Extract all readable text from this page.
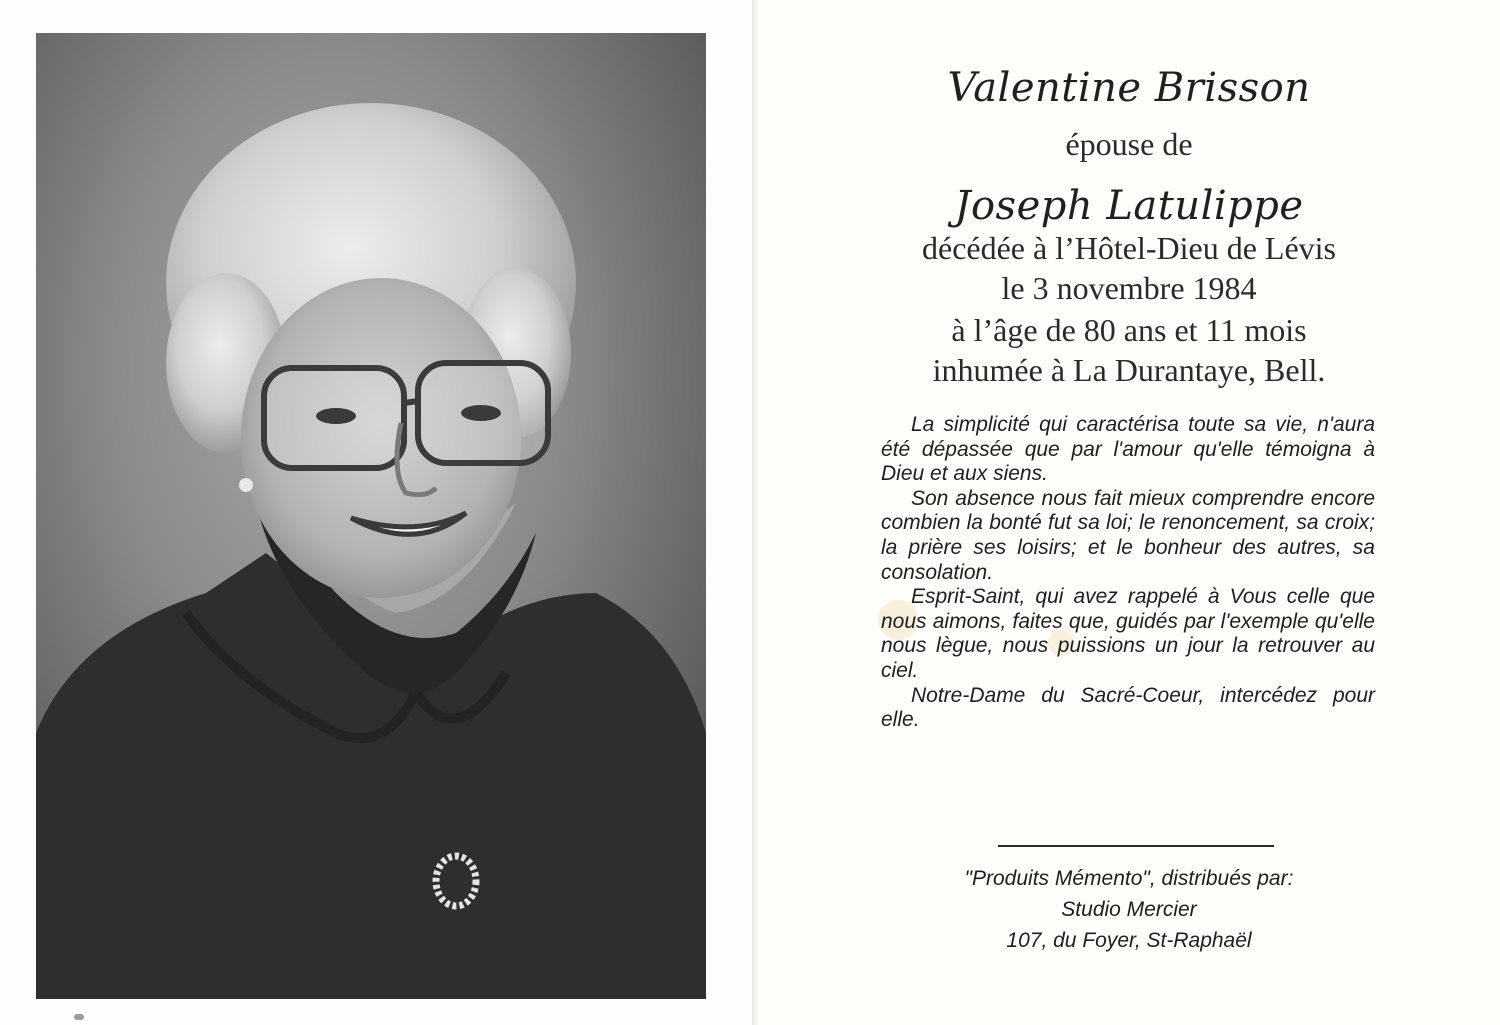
Valentine Brisson
épouse de
Joseph Latulippe
décédée à l’Hôtel-Dieu de Lévis
le 3 novembre 1984
à l’âge de 80 ans et 11 mois
inhumée à La Durantaye, Bell.

La simplicité qui caractérisa toute sa vie, n'aura été dépassée que par l'amour qu'elle témoigna à Dieu et aux siens.

Son absence nous fait mieux comprendre encore combien la bonté fut sa loi; le renoncement, sa croix; la prière ses loisirs; et le bonheur des autres, sa consolation.

Esprit-Saint, qui avez rappelé à Vous celle que nous aimons, faites que, guidés par l'exemple qu'elle nous lègue, nous puissions un jour la retrouver au ciel.

Notre-Dame du Sacré-Coeur, intercédez pour elle.

"Produits Mémento", distribués par:
Studio Mercier
107, du Foyer, St-Raphaël
